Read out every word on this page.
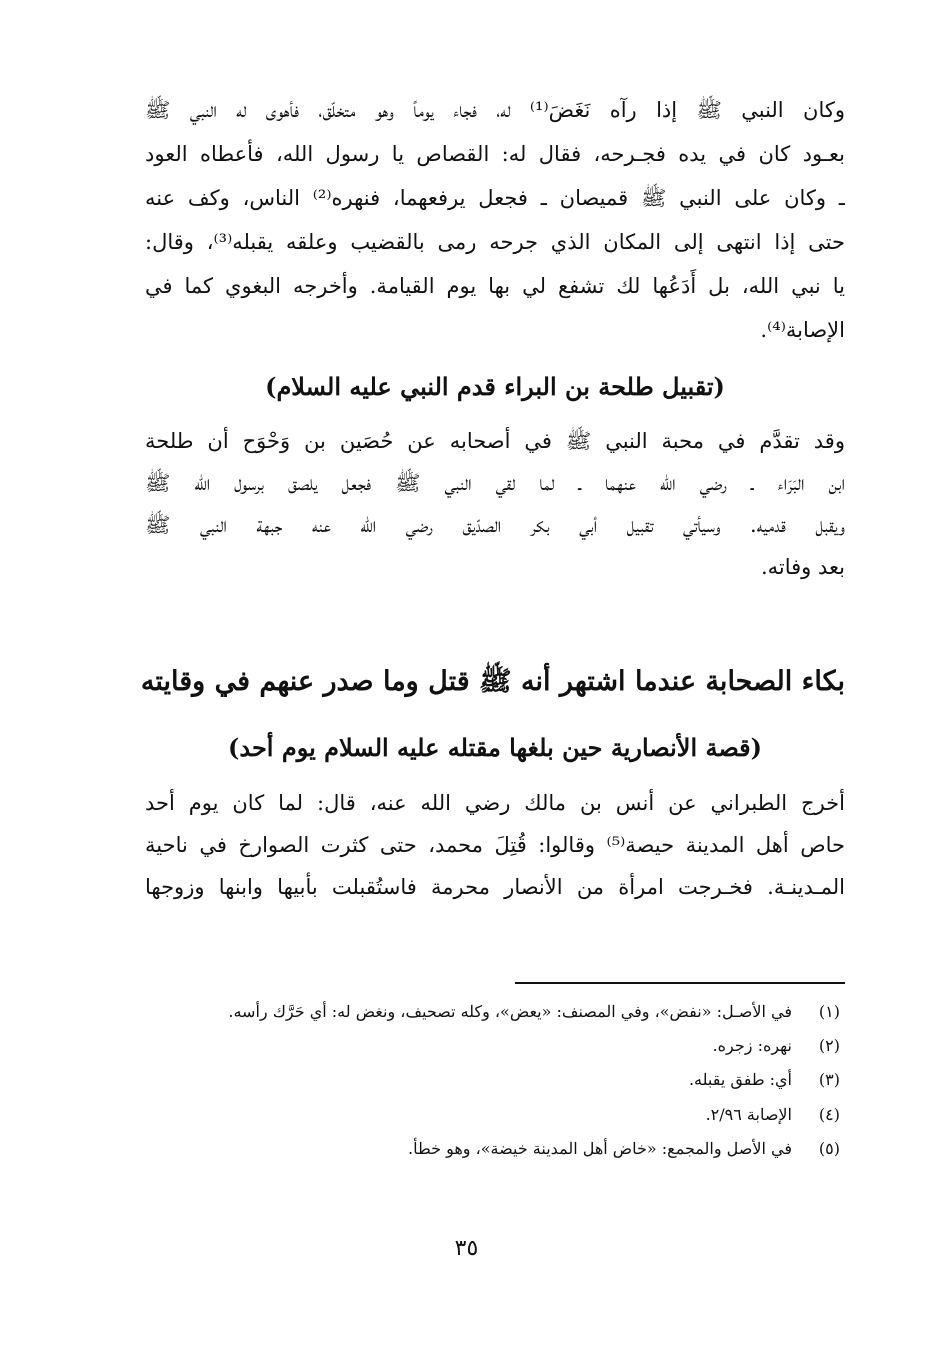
وكان النبي ﷺ إذا رآه نَغَضَ⁽¹⁾ له، فجاء يوماً وهو متخلّق، فأهوى له النبي ﷺ
بعـود كان في يده فجـرحه، فقال له: القصاص يا رسول الله، فأعطاه العود
ـ وكان على النبي ﷺ قميصان ـ فجعل يرفعهما، فنهره⁽²⁾ الناس، وكف عنه
حتى إذا انتهى إلى المكان الذي جرحه رمى بالقضيب وعلقه يقبله⁽³⁾، وقال:
يا نبي الله، بل أَدَعُها لك تشفع لي بها يوم القيامة. وأخرجه البغوي كما في
الإصابة⁽⁴⁾.
(تقبيل طلحة بن البراء قدم النبي عليه السلام)
وقد تقدَّم في محبة النبي ﷺ في أصحابه عن حُصَين بن وَحْوَح أن طلحة
ابن البَرَاء ـ رضي الله عنهما ـ لما لقي النبي ﷺ فجعل يلصق برسول الله ﷺ
ويقبل قدميه. وسيأتي تقبيل أبي بكر الصدّيق رضي الله عنه جبهة النبي ﷺ
بعد وفاته.
بكاء الصحابة عندما اشتهر أنه ﷺ قتل وما صدر عنهم في وقايته
(قصة الأنصارية حين بلغها مقتله عليه السلام يوم أحد)
أخرج الطبراني عن أنس بن مالك رضي الله عنه، قال: لما كان يوم أحد
حاص أهل المدينة حيصة⁽⁵⁾ وقالوا: قُتِلَ محمد، حتى كثرت الصوارخ في ناحية
المـدينـة. فخـرجت امرأة من الأنصار محرمة فاستُقبلت بأبيها وابنها وزوجها
(١)
في الأصـل: «نفض»، وفي المصنف: «يعض»، وكله تصحيف، ونغض له: أي حَرَّك رأسه.
(٢)
نهره: زجره.
(٣)
أي: طفق يقبله.
(٤)
الإصابة ٢/٩٦.
(٥)
في الأصل والمجمع: «خاض أهل المدينة خيضة»، وهو خطأ.
٣٥
